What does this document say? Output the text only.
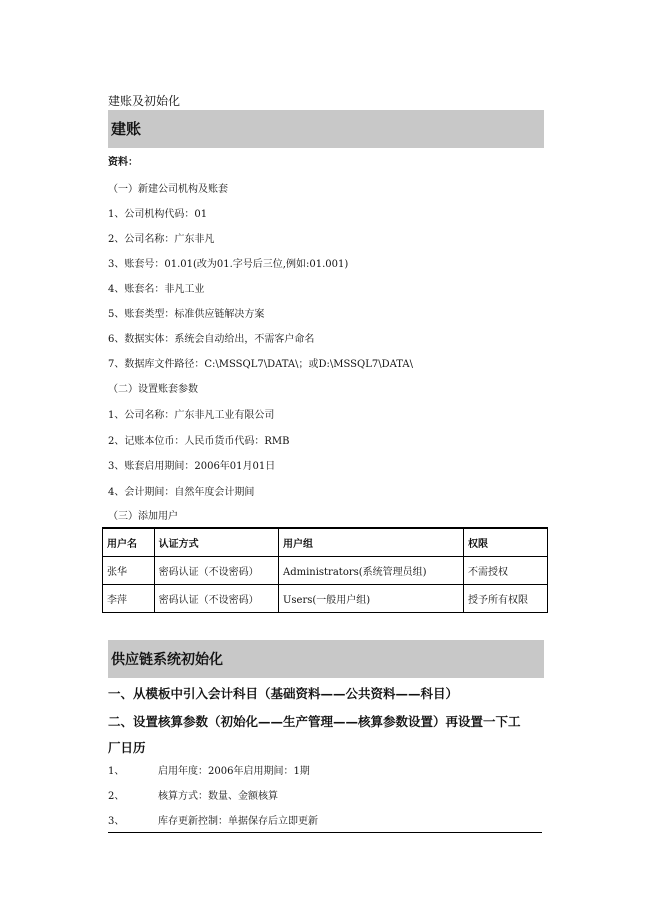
建账及初始化
建账
资料：
（一）新建公司机构及账套
1、公司机构代码：01
2、公司名称：广东非凡
3、账套号：01.01(改为01.字号后三位,例如:01.001)
4、账套名：非凡工业
5、账套类型：标准供应链解决方案
6、数据实体：系统会自动给出，不需客户命名
7、数据库文件路径：C:\MSSQL7\DATA\；或D:\MSSQL7\DATA\
（二）设置账套参数
1、公司名称：广东非凡工业有限公司
2、记账本位币：人民币货币代码：RMB
3、账套启用期间：2006年01月01日
4、会计期间：自然年度会计期间
（三）添加用户
用户名	认证方式	用户组	权限
张华	密码认证（不设密码）	Administrators(系统管理员组)	不需授权
李萍	密码认证（不设密码）	Users(一般用户组)	授予所有权限
供应链系统初始化
一、从模板中引入会计科目（基础资料——公共资料——科目）
二、设置核算参数（初始化——生产管理——核算参数设置）再设置一下工
厂日历
1、	启用年度：2006年启用期间：1期
2、	核算方式：数量、金额核算
3、	库存更新控制：单据保存后立即更新
